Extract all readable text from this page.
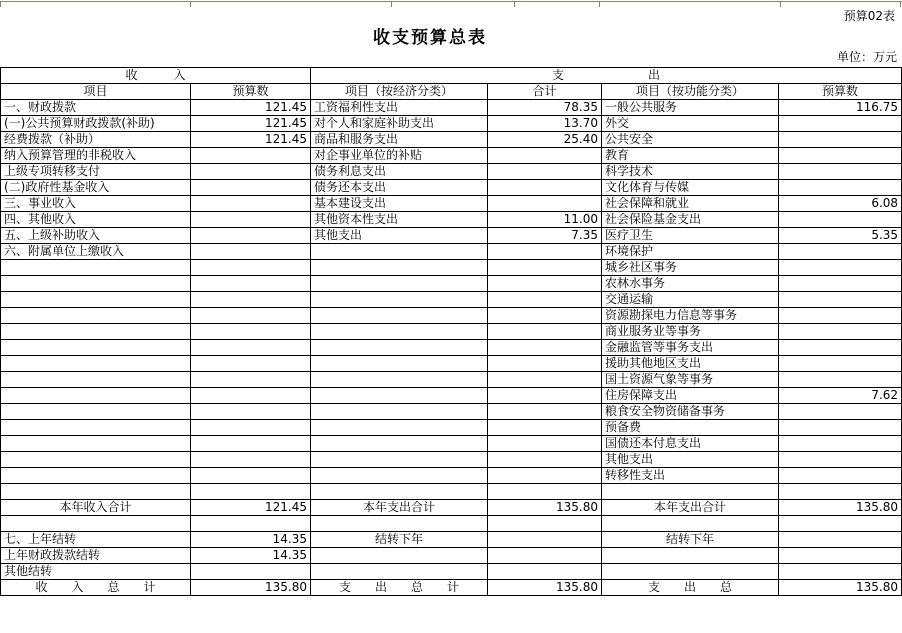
预算02表
收支预算总表
单位：万元
收　　　入		支　　　　　　　出			
项目	预算数	项目（按经济分类）	合计	项目（按功能分类）	预算数
一、财政拨款	121.45	工资福利性支出	78.35	一般公共服务	116.75
(一)公共预算财政拨款(补助)	121.45	对个人和家庭补助支出	13.70	外交	
经费拨款（补助）	121.45	商品和服务支出	25.40	公共安全	
纳入预算管理的非税收入		对企事业单位的补贴		教育	
上级专项转移支付		债务利息支出		科学技术	
(二)政府性基金收入		债务还本支出		文化体育与传媒	
三、事业收入		基本建设支出		社会保障和就业	6.08
四、其他收入		其他资本性支出	11.00	社会保险基金支出	
五、上级补助收入		其他支出	7.35	医疗卫生	5.35
六、附属单位上缴收入				环境保护	
				城乡社区事务	
				农林水事务	
				交通运输	
				资源勘探电力信息等事务	
				商业服务业等事务	
				金融监管等事务支出	
				援助其他地区支出	
				国土资源气象等事务	
				住房保障支出	7.62
				粮食安全物资储备事务	
				预备费	
				国债还本付息支出	
				其他支出	
				转移性支出	

本年收入合计	121.45	本年支出合计	135.80	本年支出合计	135.80

七、上年结转	14.35	结转下年		结转下年	
上年财政拨款结转	14.35				
其他结转					
收　　入　　总　　计	135.80	支　　出　　总　　计	135.80	支　　出　　总	135.80
